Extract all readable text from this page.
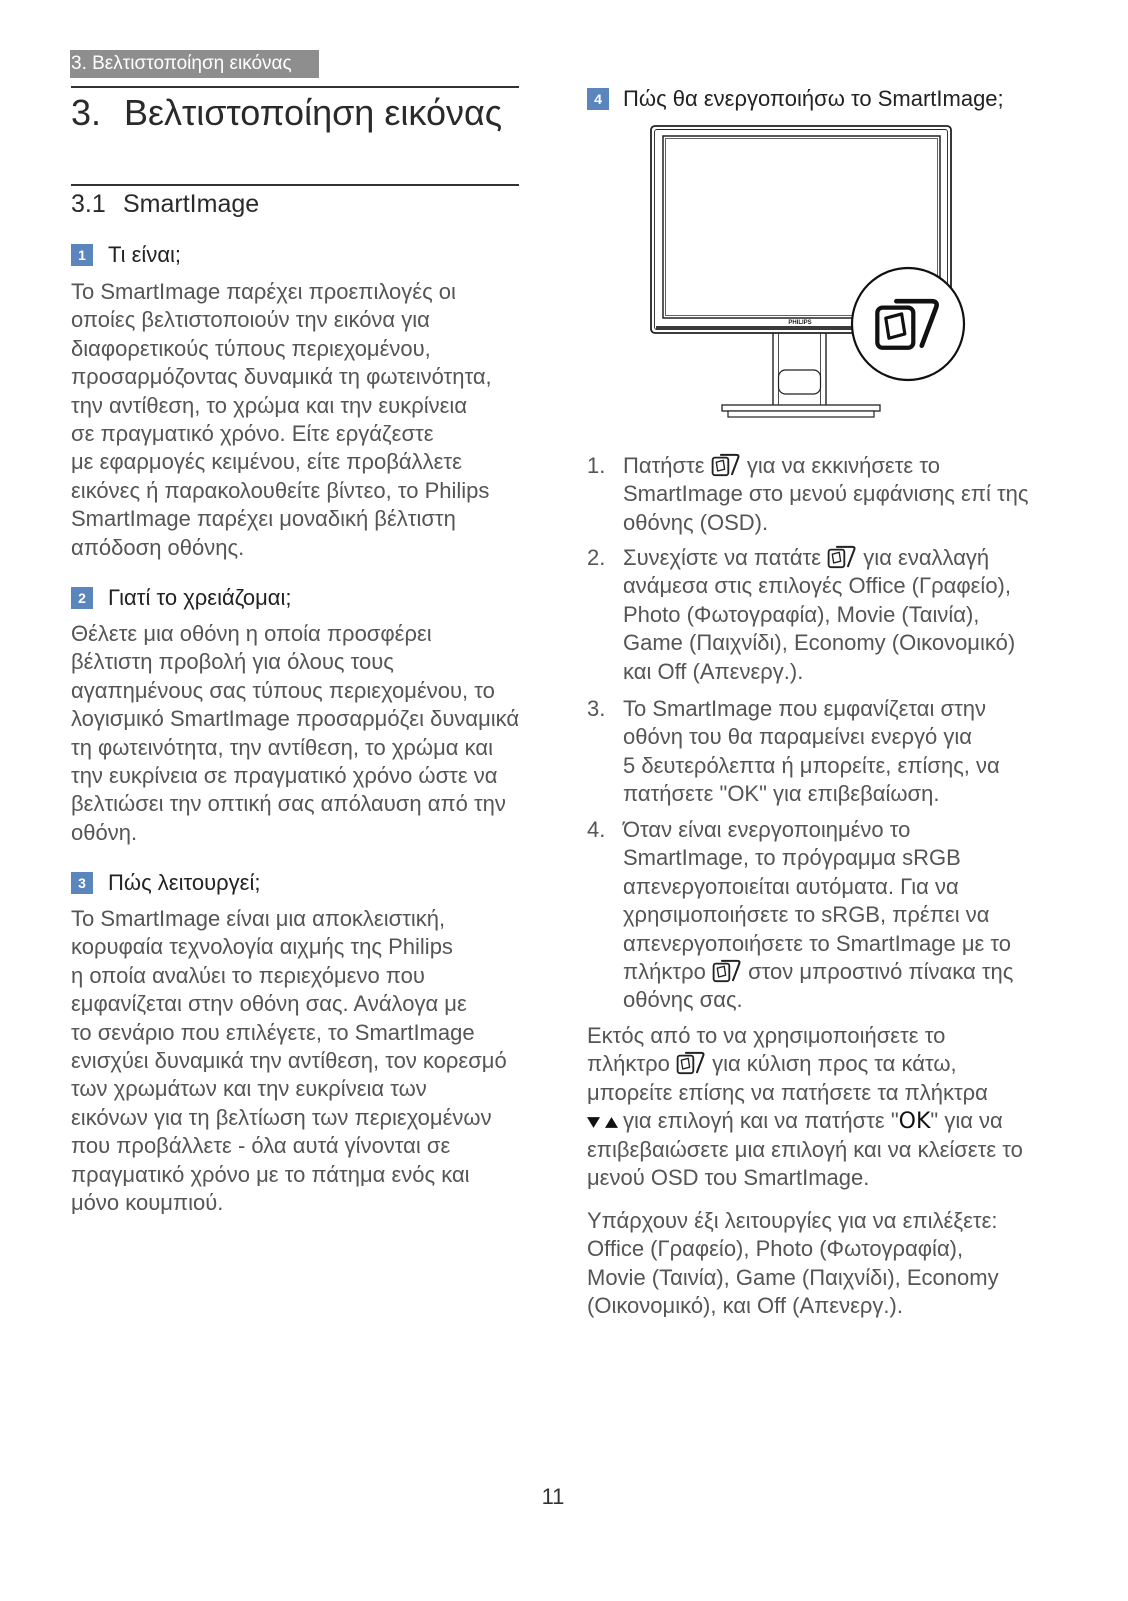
3. Βελτιστοποίηση εικόνας
3. Βελτιστοποίηση εικόνας
3.1 SmartImage
1	Τι είναι;
Το SmartImage παρέχει προεπιλογές οι
οποίες βελτιστοποιούν την εικόνα για
διαφορετικούς τύπους περιεχομένου,
προσαρμόζοντας δυναμικά τη φωτεινότητα,
την αντίθεση, το χρώμα και την ευκρίνεια
σε πραγματικό χρόνο. Είτε εργάζεστε
με εφαρμογές κειμένου, είτε προβάλλετε
εικόνες ή παρακολουθείτε βίντεο, το Philips
SmartImage παρέχει μοναδική βέλτιστη
απόδοση οθόνης.
2	Γιατί το χρειάζομαι;
Θέλετε μια οθόνη η οποία προσφέρει
βέλτιστη προβολή για όλους τους
αγαπημένους σας τύπους περιεχομένου, το
λογισμικό SmartImage προσαρμόζει δυναμικά
τη φωτεινότητα, την αντίθεση, το χρώμα και
την ευκρίνεια σε πραγματικό χρόνο ώστε να
βελτιώσει την οπτική σας απόλαυση από την
οθόνη.
3	Πώς λειτουργεί;
Το SmartImage είναι μια αποκλειστική,
κορυφαία τεχνολογία αιχμής της Philips
η οποία αναλύει το περιεχόμενο που
εμφανίζεται στην οθόνη σας. Ανάλογα με
το σενάριο που επιλέγετε, το SmartImage
ενισχύει δυναμικά την αντίθεση, τον κορεσμό
των χρωμάτων και την ευκρίνεια των
εικόνων για τη βελτίωση των περιεχομένων
που προβάλλετε - όλα αυτά γίνονται σε
πραγματικό χρόνο με το πάτημα ενός και
μόνο κουμπιού.
4 Πώς θα ενεργοποιήσω το SmartImage;
PHILIPS
1. Πατήστε  για να εκκινήσετε το
SmartImage στο μενού εμφάνισης επί της
οθόνης (OSD).
2. Συνεχίστε να πατάτε  για εναλλαγή
ανάμεσα στις επιλογές Office (Γραφείο),
Photo (Φωτογραφία), Movie (Ταινία),
Game (Παιχνίδι), Economy (Οικονομικό)
και Off (Απενεργ.).
3. Το SmartImage που εμφανίζεται στην
οθόνη του θα παραμείνει ενεργό για
5 δευτερόλεπτα ή μπορείτε, επίσης, να
πατήσετε "OK" για επιβεβαίωση.
4. Όταν είναι ενεργοποιημένο το
SmartImage, το πρόγραμμα sRGB
απενεργοποιείται αυτόματα. Για να
χρησιμοποιήσετε το sRGB, πρέπει να
απενεργοποιήσετε το SmartImage με το
πλήκτρο  στον μπροστινό πίνακα της
οθόνης σας.
Εκτός από το να χρησιμοποιήσετε το
πλήκτρο  για κύλιση προς τα κάτω,
μπορείτε επίσης να πατήσετε τα πλήκτρα
για επιλογή και να πατήστε "OK" για να
επιβεβαιώσετε μια επιλογή και να κλείσετε το
μενού OSD του SmartImage.
Υπάρχουν έξι λειτουργίες για να επιλέξετε:
Office (Γραφείο), Photo (Φωτογραφία),
Movie (Ταινία), Game (Παιχνίδι), Economy
(Οικονομικό), και Off (Απενεργ.).
11
